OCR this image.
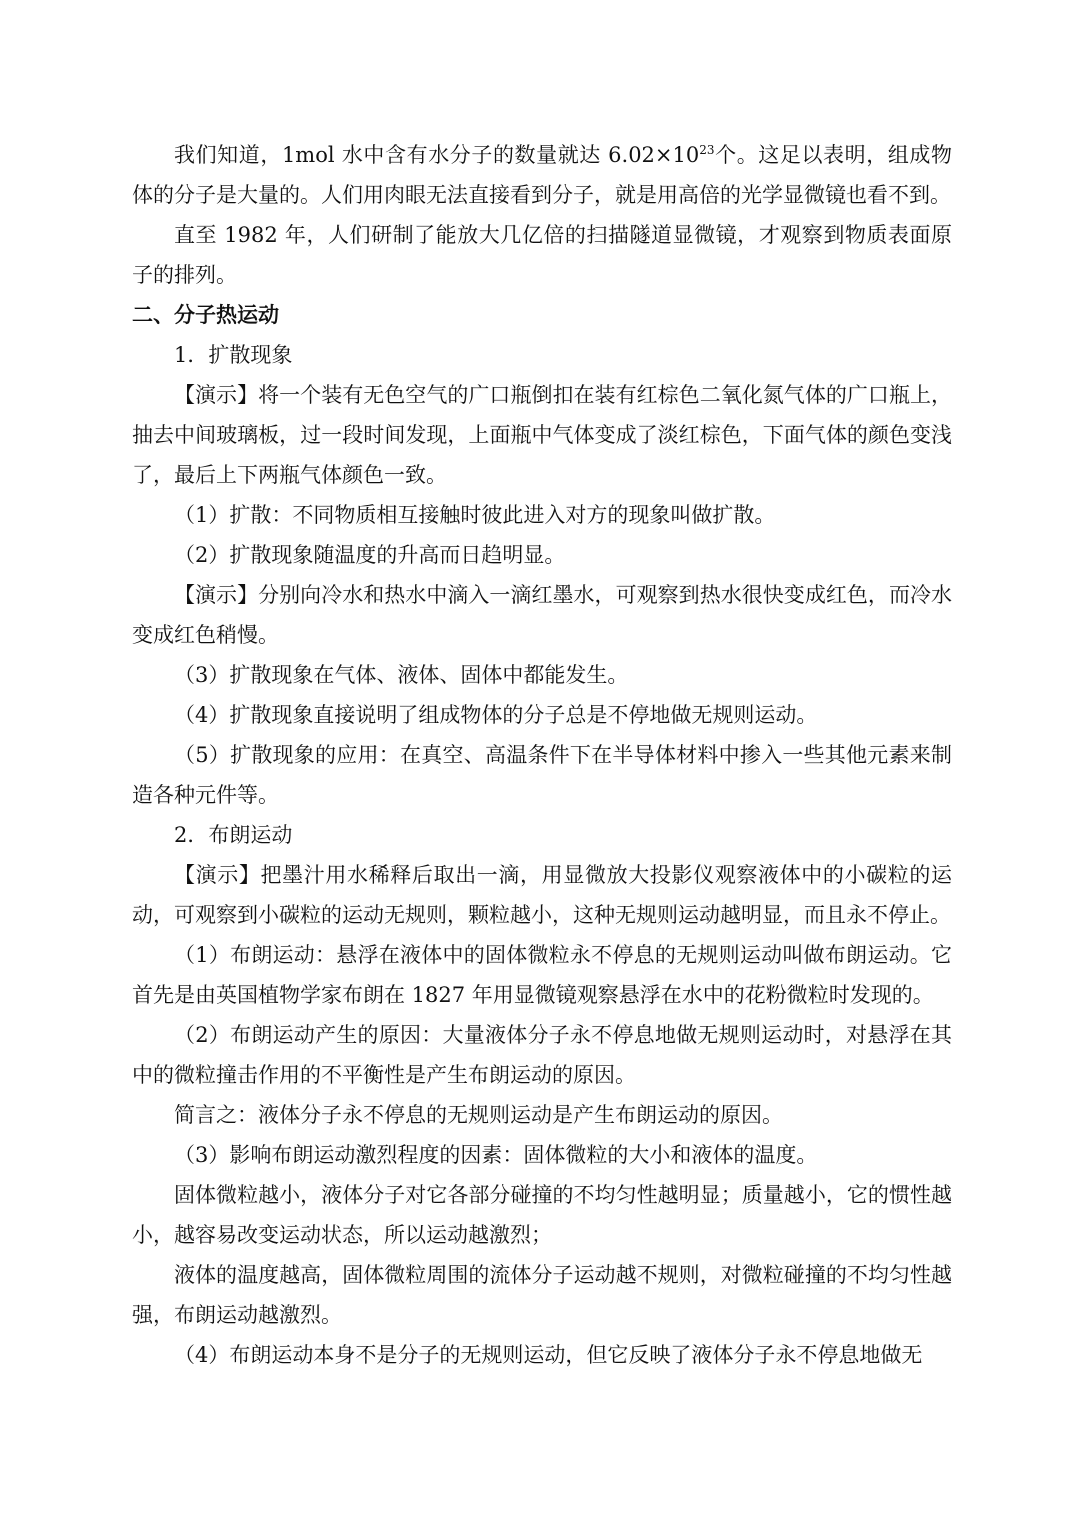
我们知道，1mol 水中含有水分子的数量就达 $6.02\times 10^{23}$个。这足以表明，组成物体的分子是大量的。人们用肉眼无法直接看到分子，就是用高倍的光学显微镜也看不到。

直至 1982 年，人们研制了能放大几亿倍的扫描隧道显微镜，才观察到物质表面原子的排列。

二、分子热运动

1．扩散现象

【演示】将一个装有无色空气的广口瓶倒扣在装有红棕色二氧化氮气体的广口瓶上，抽去中间玻璃板，过一段时间发现，上面瓶中气体变成了淡红棕色，下面气体的颜色变浅了，最后上下两瓶气体颜色一致。

（1）扩散：不同物质相互接触时彼此进入对方的现象叫做扩散。

（2）扩散现象随温度的升高而日趋明显。

【演示】分别向冷水和热水中滴入一滴红墨水，可观察到热水很快变成红色，而冷水变成红色稍慢。

（3）扩散现象在气体、液体、固体中都能发生。

（4）扩散现象直接说明了组成物体的分子总是不停地做无规则运动。

（5）扩散现象的应用：在真空、高温条件下在半导体材料中掺入一些其他元素来制造各种元件等。

2．布朗运动

【演示】把墨汁用水稀释后取出一滴，用显微放大投影仪观察液体中的小碳粒的运动，可观察到小碳粒的运动无规则，颗粒越小，这种无规则运动越明显，而且永不停止。

（1）布朗运动：悬浮在液体中的固体微粒永不停息的无规则运动叫做布朗运动。它首先是由英国植物学家布朗在 1827 年用显微镜观察悬浮在水中的花粉微粒时发现的。

（2）布朗运动产生的原因：大量液体分子永不停息地做无规则运动时，对悬浮在其中的微粒撞击作用的不平衡性是产生布朗运动的原因。

简言之：液体分子永不停息的无规则运动是产生布朗运动的原因。

（3）影响布朗运动激烈程度的因素：固体微粒的大小和液体的温度。

固体微粒越小，液体分子对它各部分碰撞的不均匀性越明显；质量越小，它的惯性越小，越容易改变运动状态，所以运动越激烈；

液体的温度越高，固体微粒周围的流体分子运动越不规则，对微粒碰撞的不均匀性越强，布朗运动越激烈。

（4）布朗运动本身不是分子的无规则运动，但它反映了液体分子永不停息地做无
